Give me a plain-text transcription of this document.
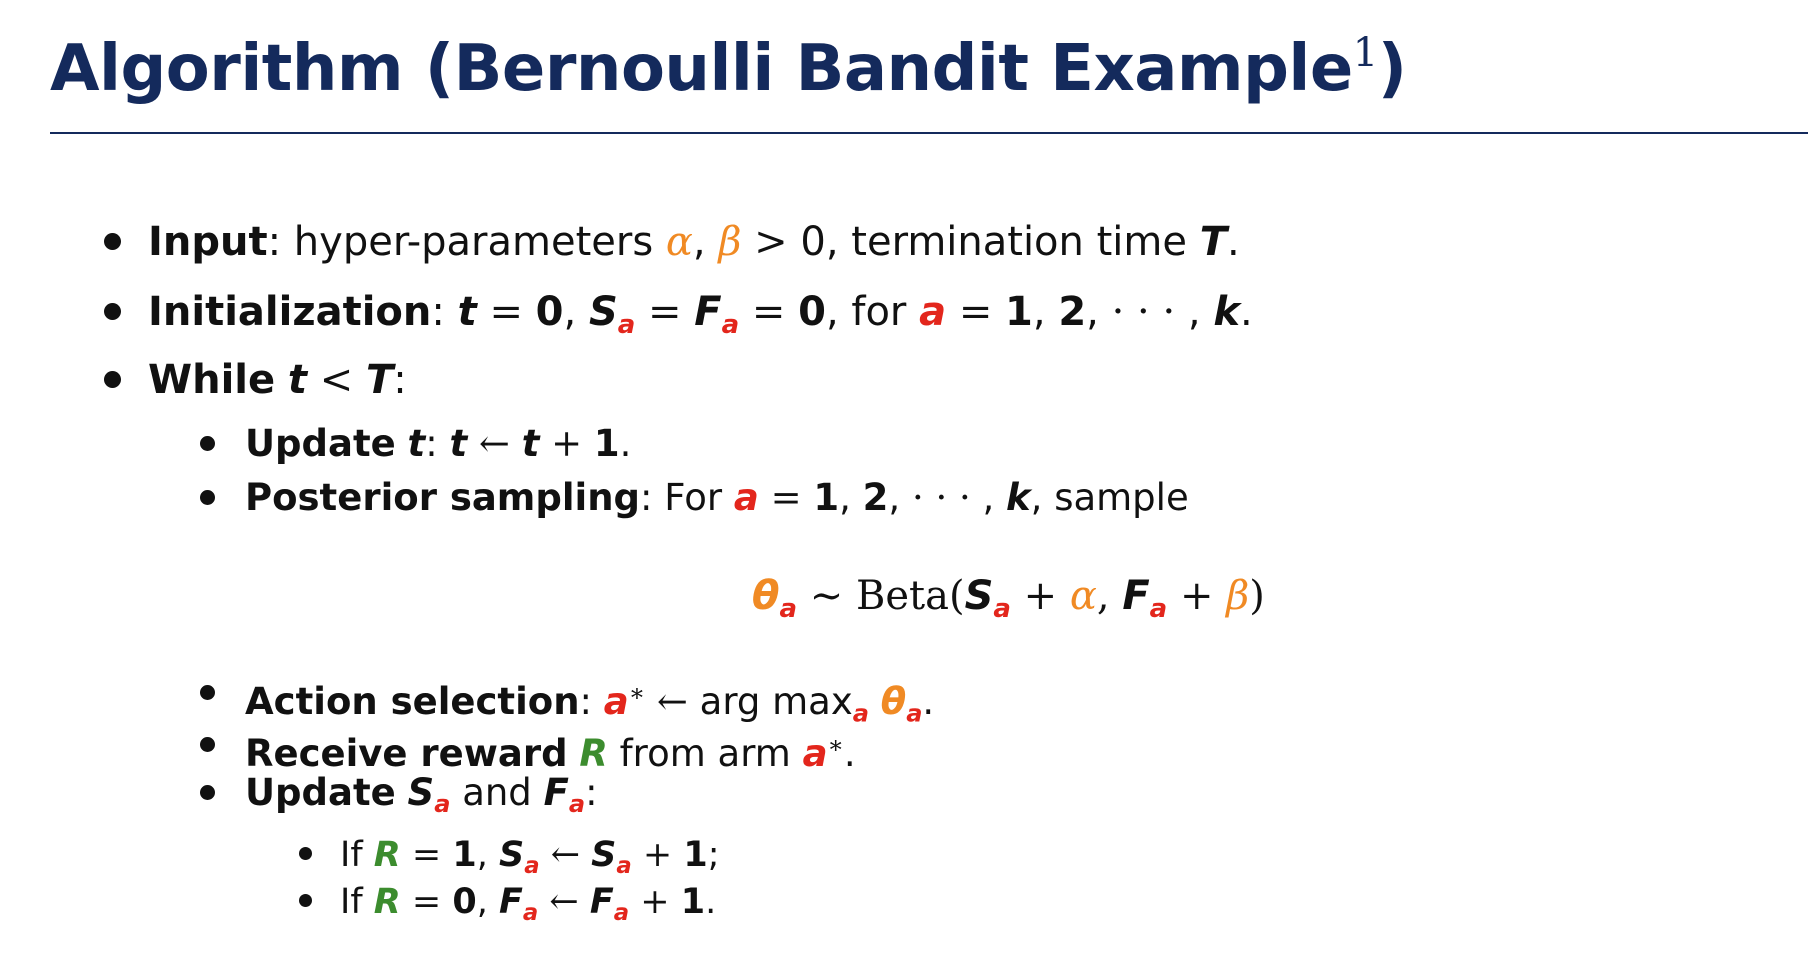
Algorithm (Bernoulli Bandit Example$^1$)
Input: hyper-parameters α, β > 0, termination time T.
Initialization: t = 0, $S_a = F_a = 0$, for a = 1, 2, · · · , k.
While t < T:
Update t: t ← t + 1.
Posterior sampling: For a = 1, 2, · · · , k, sample
$\theta_a$ ∼ $Beta(S_a + \alpha$, $F_a + \beta$)
Action selection: a∗ ← arg $\max_a \theta_a$.
Receive reward R from arm a∗.
Update $S_a$ and $F_a$:
If R = 1, $S_a$ ← $S_a + 1$;
If R = 0, $F_a$ ← $F_a + 1$.
